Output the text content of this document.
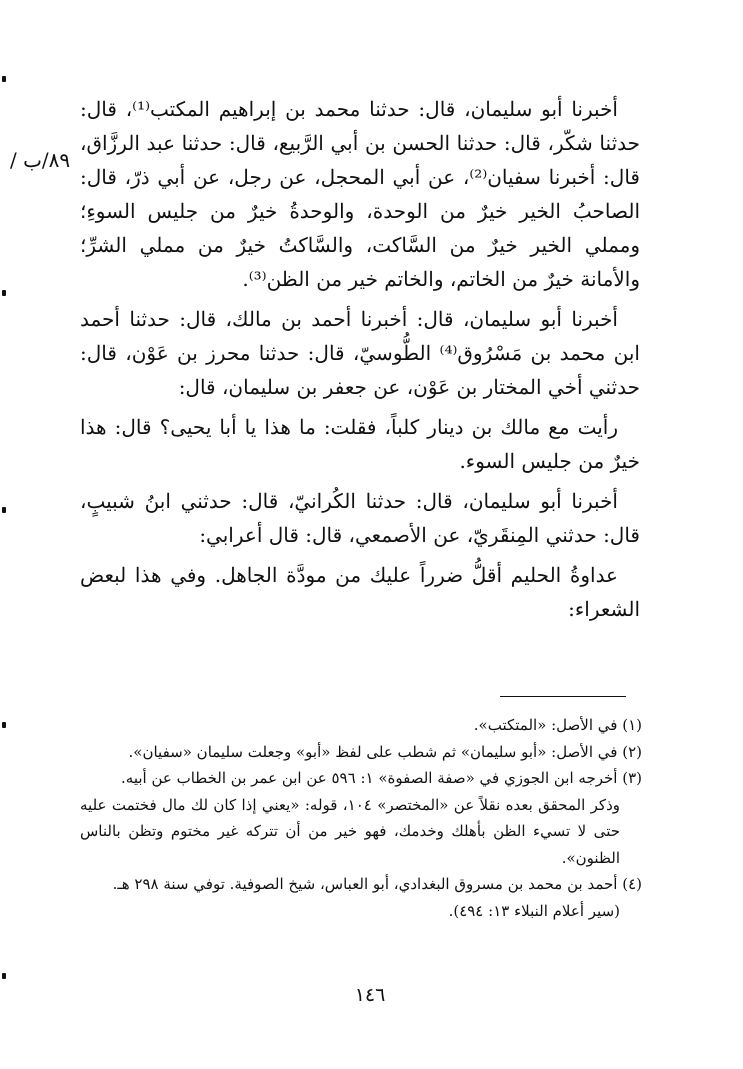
٨٩/ب /

أخبرنا أبو سليمان، قال: حدثنا محمد بن إبراهيم المكتب⁽¹⁾، قال: حدثنا شكّر، قال: حدثنا الحسن بن أبي الرَّبيع، قال: حدثنا عبد الرزَّاق، قال: أخبرنا سفيان⁽²⁾، عن أبي المحجل، عن رجل، عن أبي ذرّ، قال: الصاحبُ الخير خيرٌ من الوحدة، والوحدةُ خيرٌ من جليس السوءِ؛ ومملي الخير خيرٌ من السَّاكت، والسَّاكتُ خيرٌ من مملي الشرِّ؛ والأمانة خيرٌ من الخاتم، والخاتم خير من الظن⁽³⁾.

أخبرنا أبو سليمان، قال: أخبرنا أحمد بن مالك، قال: حدثنا أحمد ابن محمد بن مَسْرُوق⁽⁴⁾ الطُّوسيّ، قال: حدثنا محرز بن عَوْن، قال: حدثني أخي المختار بن عَوْن، عن جعفر بن سليمان، قال:

رأيت مع مالك بن دينار كلباً، فقلت: ما هذا يا أبا يحيى؟ قال: هذا خيرٌ من جليس السوء.

أخبرنا أبو سليمان، قال: حدثنا الكُرانيّ، قال: حدثني ابنُ شبيبٍ، قال: حدثني المِنقَريّ، عن الأصمعي، قال: قال أعرابي:

عداوةُ الحليم أقلُّ ضرراً عليك من مودَّة الجاهل. وفي هذا لبعض الشعراء:

(١) في الأصل: «المتكتب».

(٢) في الأصل: «أبو سليمان» ثم شطب على لفظ «أبو» وجعلت سليمان «سفيان».

(٣) أخرجه ابن الجوزي في «صفة الصفوة» ١: ٥٩٦ عن ابن عمر بن الخطاب عن أبيه.

وذكر المحقق بعده نقلاً عن «المختصر» ١٠٤، قوله: «يعني إذا كان لك مال فختمت عليه حتى لا تسيء الظن بأهلك وخدمك، فهو خير من أن تتركه غير مختوم وتظن بالناس الظنون».

(٤) أحمد بن محمد بن مسروق البغدادي، أبو العباس، شيخ الصوفية. توفي سنة ٢٩٨ هـ.

(سير أعلام النبلاء ١٣: ٤٩٤).

١٤٦
